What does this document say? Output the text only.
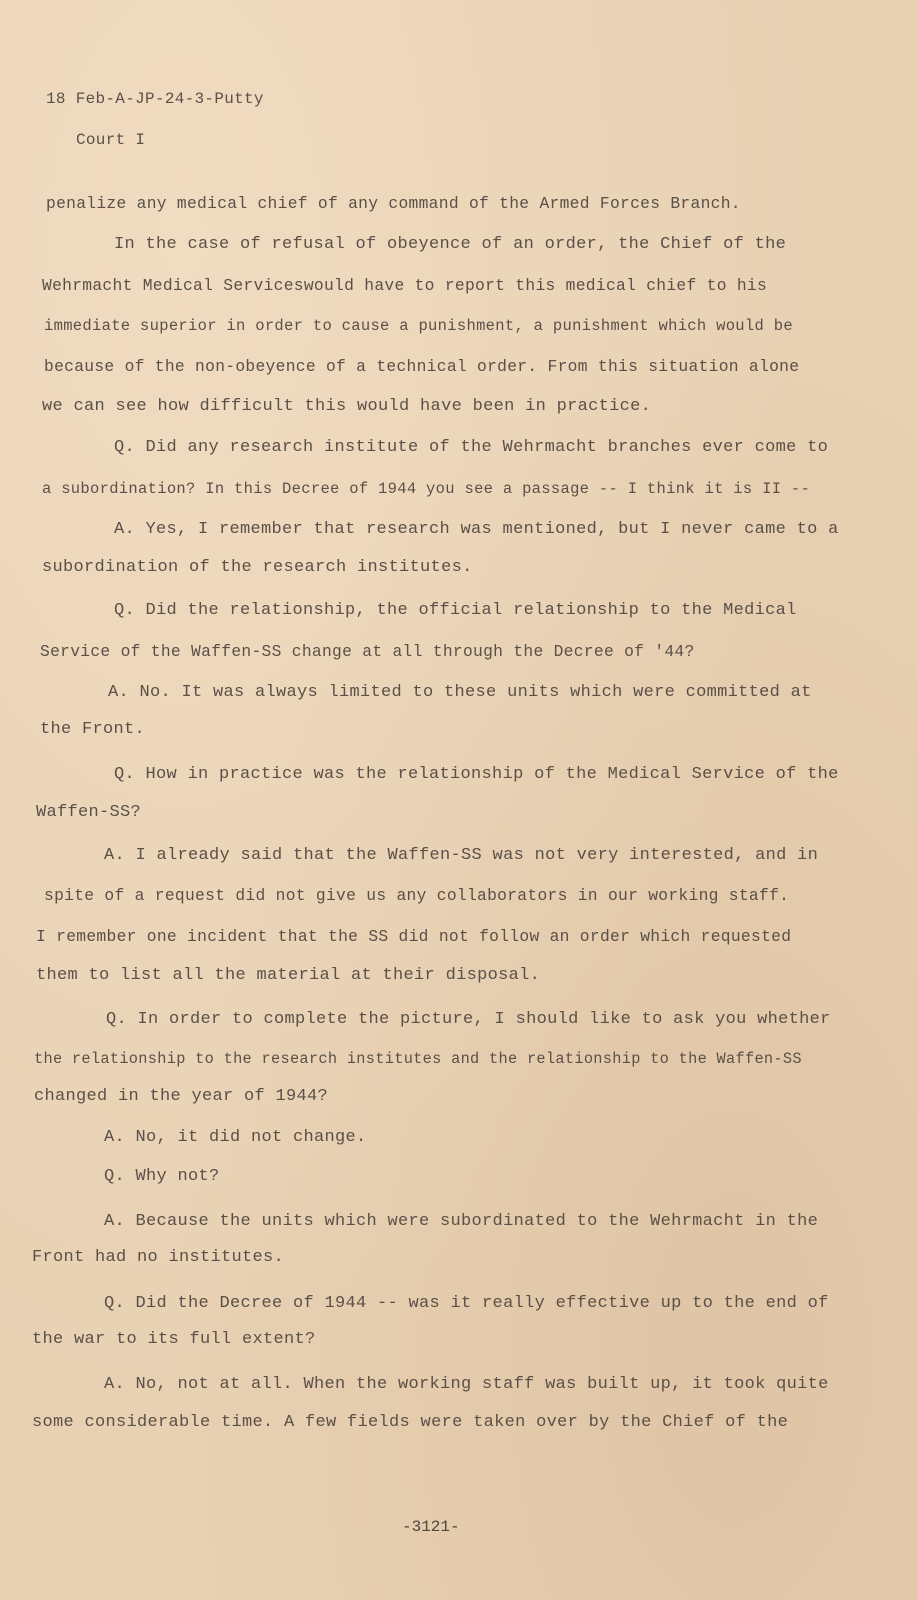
18 Feb-A-JP-24-3-Putty
Court I
penalize any medical chief of any command of the Armed Forces Branch.
In the case of refusal of obeyence of an order, the Chief of the
Wehrmacht Medical Serviceswould have to report this medical chief to his
immediate superior in order to cause a punishment, a punishment which would be
because of the non-obeyence of a technical order. From this situation alone
we can see how difficult this would have been in practice.
Q. Did any research institute of the Wehrmacht branches ever come to
a subordination? In this Decree of 1944 you see a passage -- I think it is II --
A. Yes, I remember that research was mentioned, but I never came to a
subordination of the research institutes.
Q. Did the relationship, the official relationship to the Medical
Service of the Waffen-SS change at all through the Decree of '44?
A. No. It was always limited to these units which were committed at
the Front.
Q. How in practice was the relationship of the Medical Service of the
Waffen-SS?
A. I already said that the Waffen-SS was not very interested, and in
spite of a request did not give us any collaborators in our working staff.
I remember one incident that the SS did not follow an order which requested
them to list all the material at their disposal.
Q. In order to complete the picture, I should like to ask you whether
the relationship to the research institutes and the relationship to the Waffen-SS
changed in the year of 1944?
A. No, it did not change.
Q. Why not?
A. Because the units which were subordinated to the Wehrmacht in the
Front had no institutes.
Q. Did the Decree of 1944 -- was it really effective up to the end of
the war to its full extent?
A. No, not at all. When the working staff was built up, it took quite
some considerable time. A few fields were taken over by the Chief of the
-3121-
